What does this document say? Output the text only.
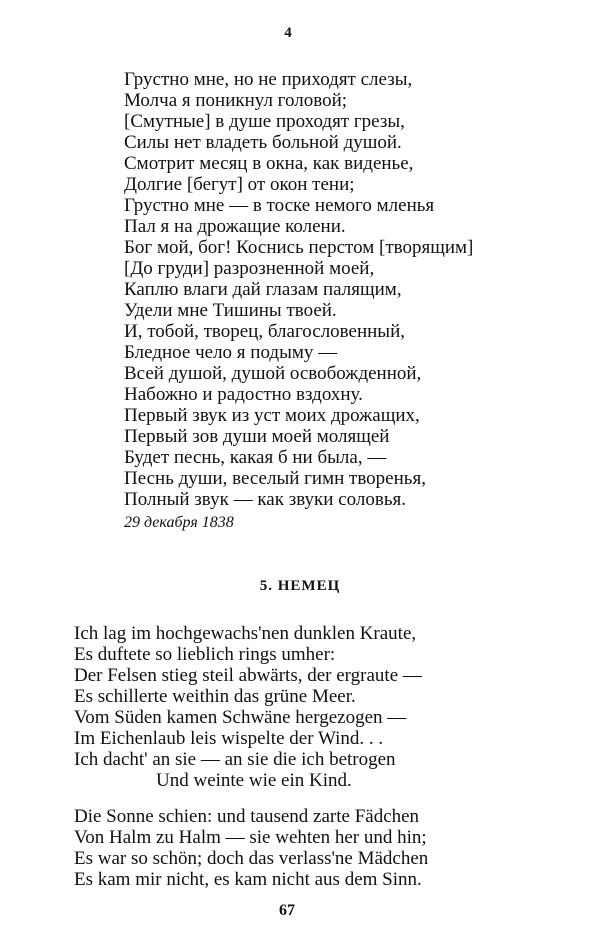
4
Грустно мне, но не приходят слезы,
Молча я поникнул головой;
[Смутные] в душе проходят грезы,
Силы нет владеть больной душой.
Смотрит месяц в окна, как виденье,
Долгие [бегут] от окон тени;
Грустно мне — в тоске немого мленья
Пал я на дрожащие колени.
Бог мой, бог! Коснись перстом [творящим]
[До груди] разрозненной моей,
Каплю влаги дай глазам палящим,
Удели мне Тишины твоей.
И, тобой, творец, благословенный,
Бледное чело я подыму —
Всей душой, душой освобожденной,
Набожно и радостно вздохну.
Первый звук из уст моих дрожащих,
Первый зов души моей молящей
Будет песнь, какая б ни была, —
Песнь души, веселый гимн творенья,
Полный звук — как звуки соловья.
29 декабря 1838
5. НЕМЕЦ
Ich lag im hochgewachs'nen dunklen Kraute,
Es duftete so lieblich rings umher:
Der Felsen stieg steil abwärts, der ergraute —
Es schillerte weithin das grüne Meer.
Vom Süden kamen Schwäne hergezogen —
Im Eichenlaub leis wispelte der Wind. . .
Ich dacht' an sie — an sie die ich betrogen
Und weinte wie ein Kind.
Die Sonne schien: und tausend zarte Fädchen
Von Halm zu Halm — sie wehten her und hin;
Es war so schön; doch das verlass'ne Mädchen
Es kam mir nicht, es kam nicht aus dem Sinn.
67
